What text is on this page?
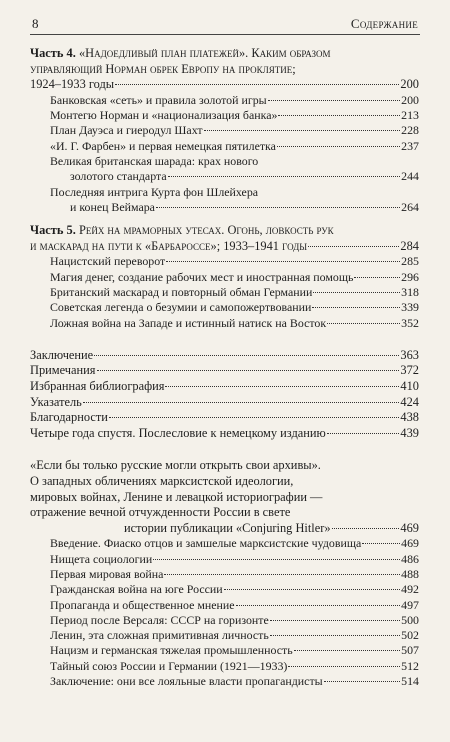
8	Содержание
Часть 4. «Надоедливый план платежей». Каким образом
управляющий Норман обрек Европу на проклятие;
1924–1933 годы	200
Банковская «сеть» и правила золотой игры	200
Монтегю Норман и «национализация банка»	213
План Дауэса и гиеродул Шахт	228
«И. Г. Фарбен» и первая немецкая пятилетка	237
Великая британская шарада: крах нового
золотого стандарта	244
Последняя интрига Курта фон Шлейхера
и конец Веймара	264
Часть 5. Рейх на мраморных утесах. Огонь, ловкость рук
и маскарад на пути к «Барбароссе»; 1933–1941 годы	284
Нацистский переворот	285
Магия денег, создание рабочих мест и иностранная помощь	296
Британский маскарад и повторный обман Германии	318
Советская легенда о безумии и самопожертвовании	339
Ложная война на Западе и истинный натиск на Восток	352
Заключение	363
Примечания	372
Избранная библиография	410
Указатель	424
Благодарности	438
Четыре года спустя. Послесловие к немецкому изданию	439
«Если бы только русские могли открыть свои архивы».
О западных обличениях марксистской идеологии,
мировых войнах, Ленине и левацкой историографии —
отражение вечной отчужденности России в свете
истории публикации «Conjuring Hitler»	469
Введение. Фиаско отцов и замшелые марксистские чудовища	469
Нищета социологии	486
Первая мировая война	488
Гражданская война на юге России	492
Пропаганда и общественное мнение	497
Период после Версаля: СССР на горизонте	500
Ленин, эта сложная примитивная личность	502
Нацизм и германская тяжелая промышленность	507
Тайный союз России и Германии (1921—1933)	512
Заключение: они все лояльные власти пропагандисты	514
